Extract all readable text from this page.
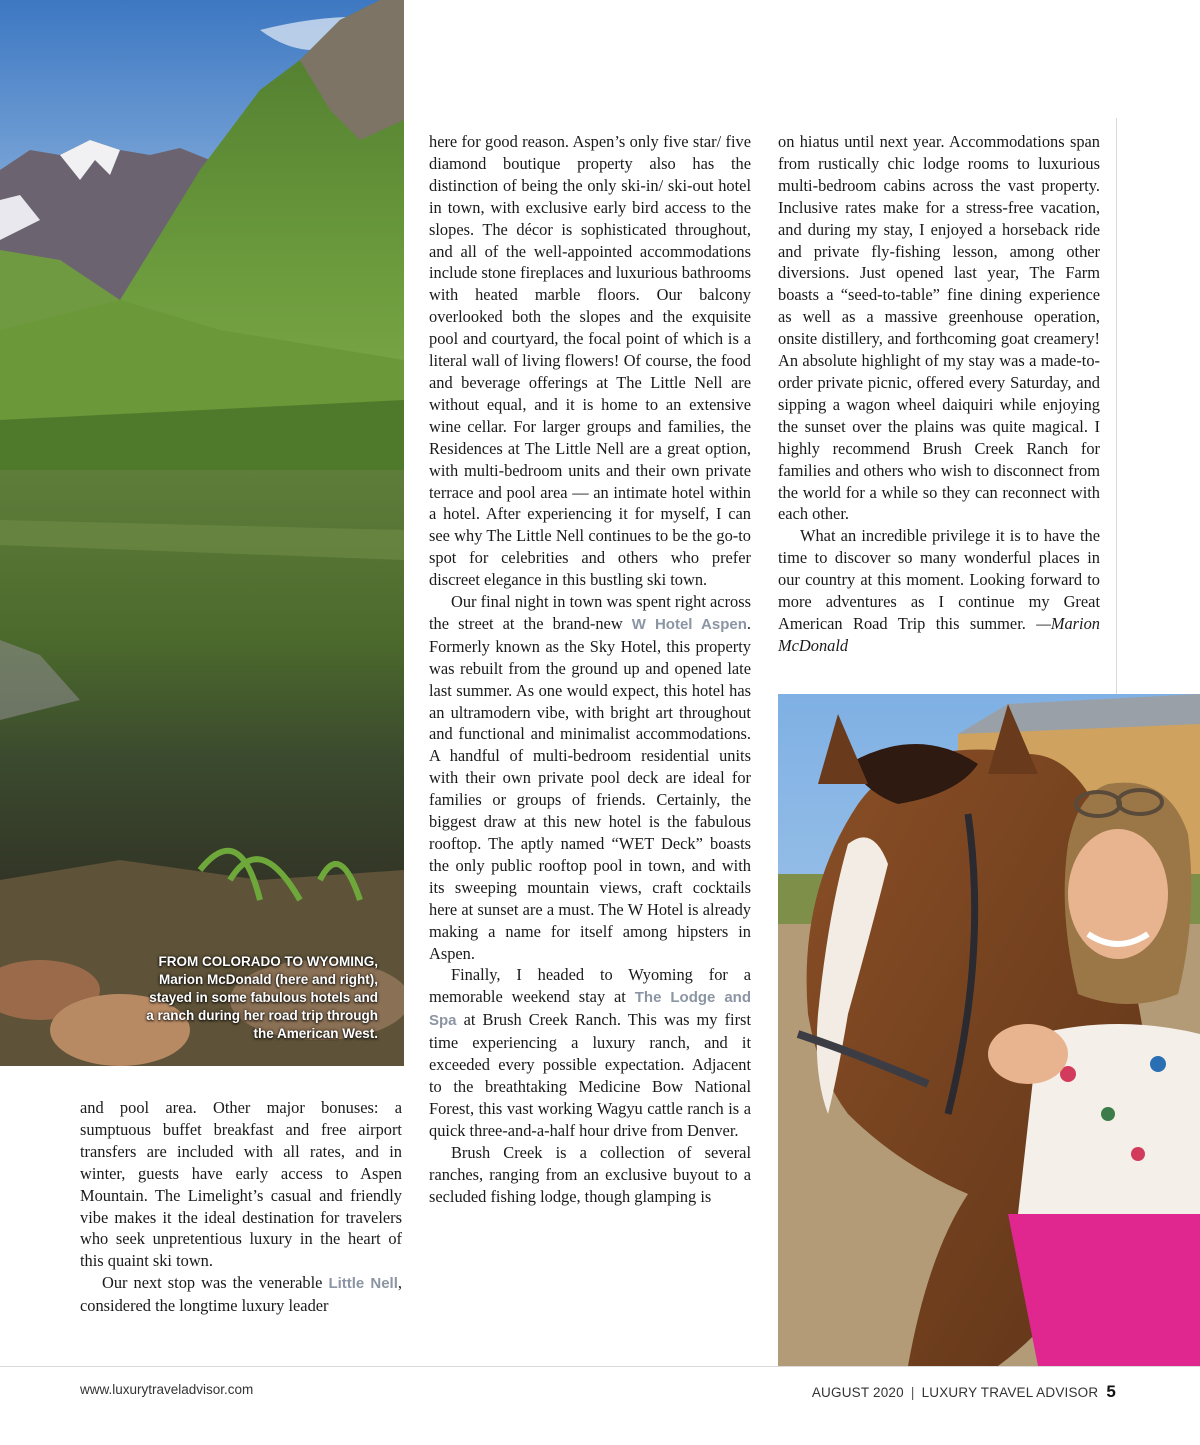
FROM COLORADO TO WYOMING,
Marion McDonald (here and right),
stayed in some fabulous hotels and
a ranch during her road trip through
the American West.

and pool area. Other major bonuses: a sumptuous buffet breakfast and free airport transfers are included with all rates, and in winter, guests have early access to Aspen Mountain. The Limelight’s casual and friendly vibe makes it the ideal destination for travelers who seek unpretentious luxury in the heart of this quaint ski town.

Our next stop was the venerable Little Nell, considered the longtime luxury leader

here for good reason. Aspen’s only five star/ five diamond boutique property also has the distinction of being the only ski-in/ ski-out hotel in town, with exclusive early bird access to the slopes. The décor is sophisticated throughout, and all of the well-appointed accommodations include stone fireplaces and luxurious bathrooms with heated marble floors. Our balcony overlooked both the slopes and the exquisite pool and courtyard, the focal point of which is a literal wall of living flowers! Of course, the food and beverage offerings at The Little Nell are without equal, and it is home to an extensive wine cellar. For larger groups and families, the Residences at The Little Nell are a great option, with multi-bedroom units and their own private terrace and pool area — an intimate hotel within a hotel. After experiencing it for myself, I can see why The Little Nell continues to be the go-to spot for celebrities and others who prefer discreet elegance in this bustling ski town.

Our final night in town was spent right across the street at the brand-new W Hotel Aspen. Formerly known as the Sky Hotel, this property was rebuilt from the ground up and opened late last summer. As one would expect, this hotel has an ultramodern vibe, with bright art throughout and functional and minimalist accommodations. A handful of multi-bedroom residential units with their own private pool deck are ideal for families or groups of friends. Certainly, the biggest draw at this new hotel is the fabulous rooftop. The aptly named “WET Deck” boasts the only public rooftop pool in town, and with its sweeping mountain views, craft cocktails here at sunset are a must. The W Hotel is already making a name for itself among hipsters in Aspen.

Finally, I headed to Wyoming for a memorable weekend stay at The Lodge and Spa at Brush Creek Ranch. This was my first time experiencing a luxury ranch, and it exceeded every possible expectation. Adjacent to the breathtaking Medicine Bow National Forest, this vast working Wagyu cattle ranch is a quick three-and-a-half hour drive from Denver.

Brush Creek is a collection of several ranches, ranging from an exclusive buyout to a secluded fishing lodge, though glamping is

on hiatus until next year. Accommodations span from rustically chic lodge rooms to luxurious multi-bedroom cabins across the vast property. Inclusive rates make for a stress-free vacation, and during my stay, I enjoyed a horseback ride and private fly-fishing lesson, among other diversions. Just opened last year, The Farm boasts a “seed-to-table” fine dining experience as well as a massive greenhouse operation, onsite distillery, and forthcoming goat creamery! An absolute highlight of my stay was a made-to-order private picnic, offered every Saturday, and sipping a wagon wheel daiquiri while enjoying the sunset over the plains was quite magical. I highly recommend Brush Creek Ranch for families and others who wish to disconnect from the world for a while so they can reconnect with each other.

What an incredible privilege it is to have the time to discover so many wonderful places in our country at this moment. Looking forward to more adventures as I continue my Great American Road Trip this summer. —Marion McDonald

www.luxurytraveladvisor.com	AUGUST 2020 | LUXURY TRAVEL ADVISOR 5
